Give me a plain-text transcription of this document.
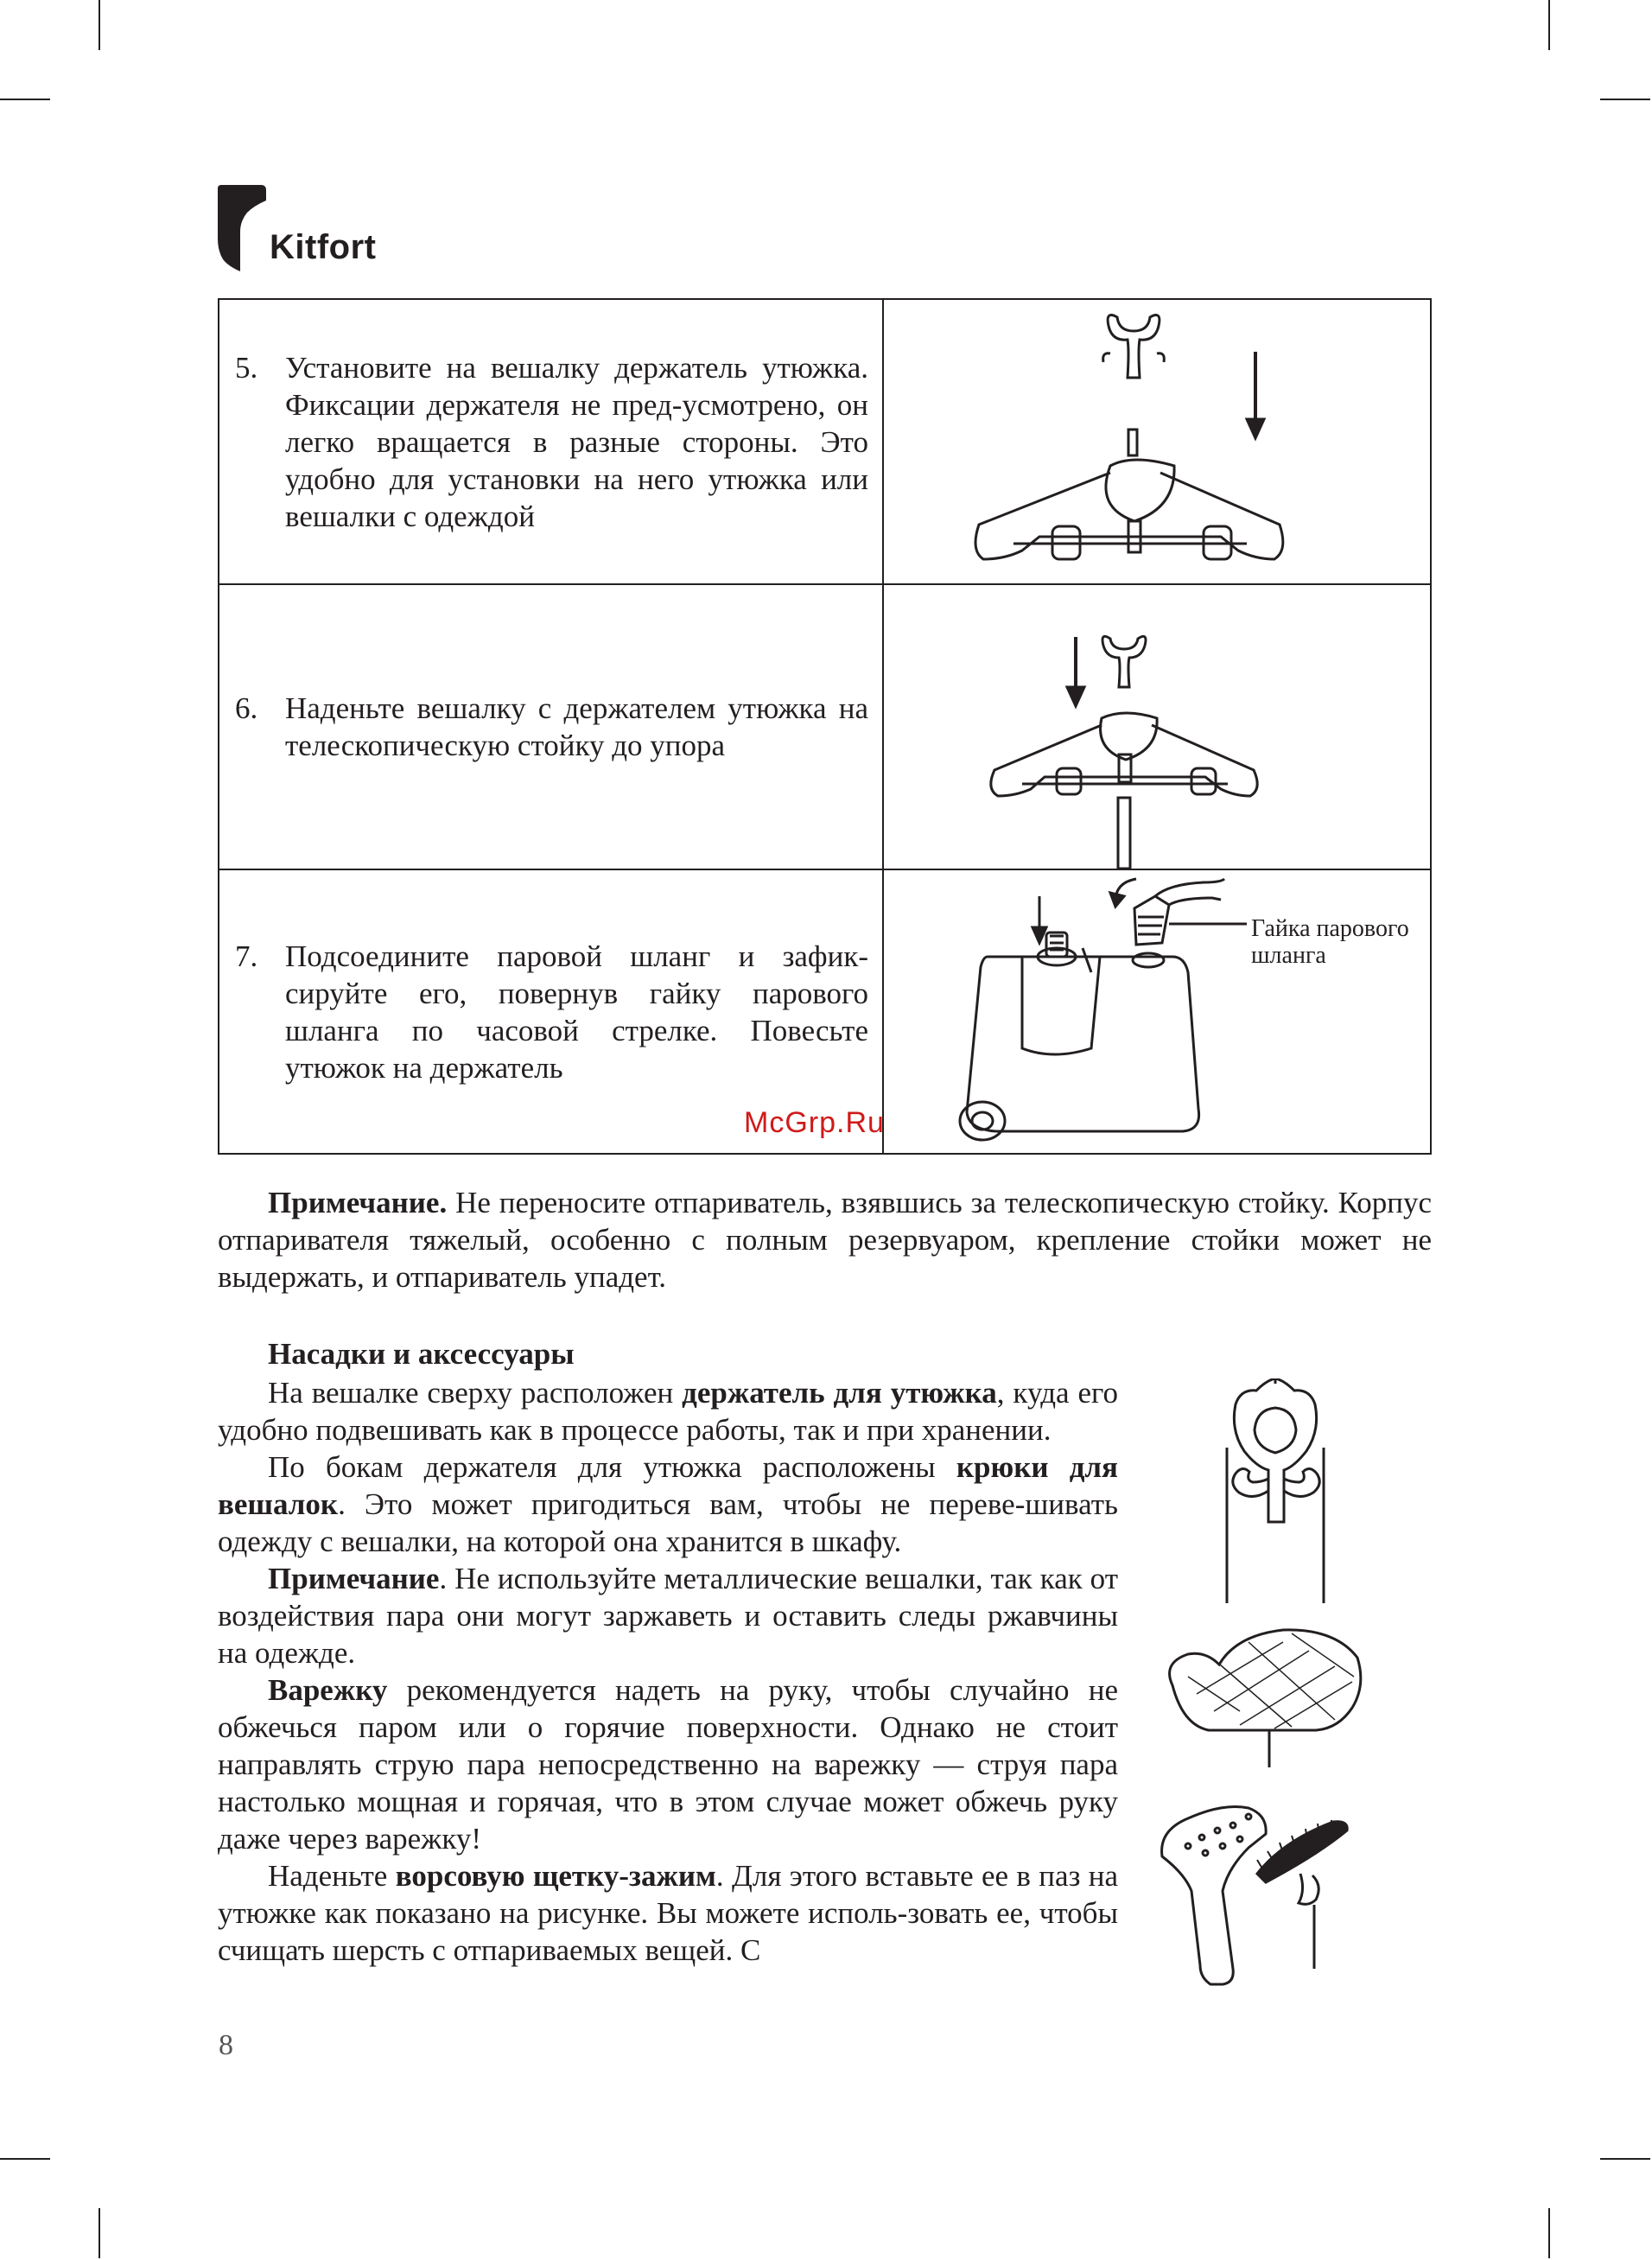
Kitfort
5. Установите на вешалку держатель утюжка. Фиксации держателя не пред-усмотрено, он легко вращается в разные стороны. Это удобно для установки на него утюжка или вешалки с одеждой

6. Наденьте вешалку с держателем утюжка на телескопическую стойку до упора

7. Подсоедините паровой шланг и зафик-сируйте его, повернув гайку парового шланга по часовой стрелке. Повесьте утюжок на держатель	Гайка парового шланга
McGrp.Ru

Примечание. Не переносите отпариватель, взявшись за телескопическую стойку. Корпус отпаривателя тяжелый, особенно с полным резервуаром, крепление стойки может не выдержать, и отпариватель упадет.

Насадки и аксессуары

На вешалке сверху расположен держатель для утюжка, куда его удобно подвешивать как в процессе работы, так и при хранении.

По бокам держателя для утюжка расположены крюки для вешалок. Это может пригодиться вам, чтобы не переве-шивать одежду с вешалки, на которой она хранится в шкафу.

Примечание. Не используйте металлические вешалки, так как от воздействия пара они могут заржаветь и оставить следы ржавчины на одежде.

Варежку рекомендуется надеть на руку, чтобы случайно не обжечься паром или о горячие поверхности. Однако не стоит направлять струю пара непосредственно на варежку — струя пара настолько мощная и горячая, что в этом случае может обжечь руку даже через варежку!

Наденьте ворсовую щетку-зажим. Для этого вставьте ее в паз на утюжке как показано на рисунке. Вы можете исполь-зовать ее, чтобы счищать шерсть с отпариваемых вещей. С

8
